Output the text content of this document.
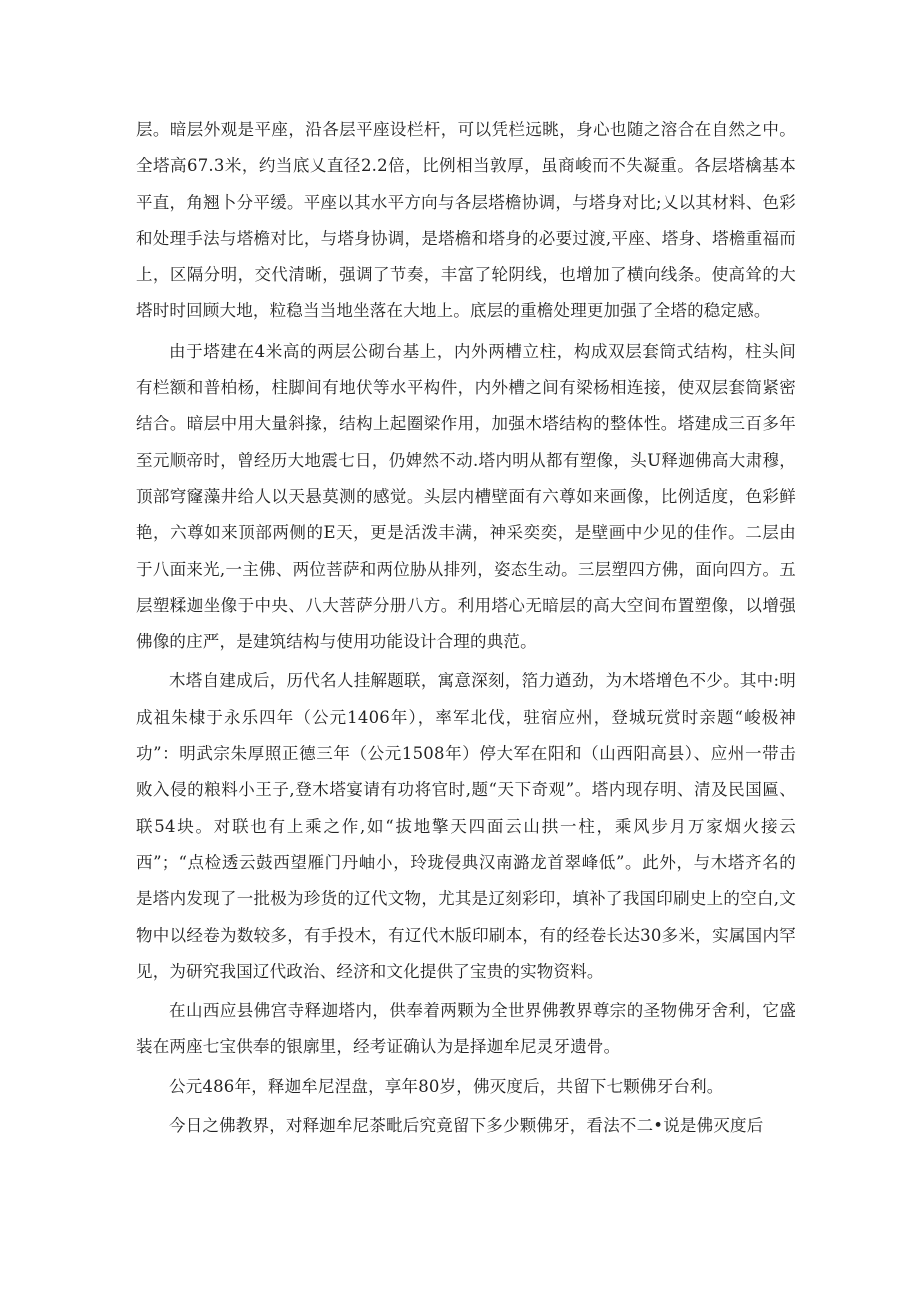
层。暗层外观是平座，沿各层平座设栏杆，可以凭栏远眺，身心也随之溶合在自然之中。全塔高67.3米，约当底乂直径2.2倍，比例相当敦厚，虽商峻而不失凝重。各层塔檎基本平直，角翘卜分平缓。平座以其水平方向与各层塔檐协调，与塔身对比;乂以其材料、色彩和处理手法与塔檐对比，与塔身协调，是塔檐和塔身的必要过渡,平座、塔身、塔檐重福而上，区隔分明，交代清晰，强调了节奏，丰富了轮阴线，也增加了横向线条。使高耸的大塔时时回顾大地，粒稳当当地坐落在大地上。底层的重檐处理更加强了全塔的稳定感。

由于塔建在4米高的两层公砌台基上，内外两槽立柱，构成双层套筒式结构，柱头间有栏额和普柏杨，柱脚间有地伏等水平构件，内外槽之间有梁杨相连接，使双层套筒紧密结合。暗层中用大量斜掾，结构上起圈梁作用，加强木塔结构的整体性。塔建成三百多年至元顺帝时，曾经历大地震七日，仍婢然不动.塔内明从都有塑像，头U释迦佛高大肃穆，顶部穹窿藻井给人以天悬莫测的感觉。头层内槽壁面有六尊如来画像，比例适度，色彩鲜艳，六尊如来顶部两侧的E天，更是活泼丰满，神采奕奕，是壁画中少见的佳作。二层由于八面来光,一主佛、两位菩萨和两位胁从排列，姿态生动。三层塑四方佛，面向四方。五层塑糅迦坐像于中央、八大菩萨分册八方。利用塔心无暗层的高大空间布置塑像，以增强佛像的庄严，是建筑结构与使用功能设计合理的典范。

木塔自建成后，历代名人挂解题联，寓意深刻，箔力遒劲，为木塔增色不少。其中:明成祖朱棣于永乐四年（公元1406年），率军北伐，驻宿应州，登城玩赏时亲题“峻极神功”：明武宗朱厚照正德三年（公元1508年）停大军在阳和（山西阳高县）、应州一带击败入侵的粮料小王子,登木塔宴请有功将官时,题“天下奇观”。塔内现存明、清及民国匾、联54块。对联也有上乘之作,如“拔地擎天四面云山拱一柱，乘风步月万家烟火接云西”；“点检透云鼓西望雁门丹岫小，玲珑侵典汉南潞龙首翠峰低”。此外，与木塔齐名的是塔内发现了一批极为珍货的辽代文物，尤其是辽刻彩印，填补了我国印刷史上的空白,文物中以经卷为数较多，有手投木，有辽代木版印刷本，有的经卷长达30多米，实属国内罕见，为研究我国辽代政治、经济和文化提供了宝贵的实物资料。

在山西应县佛宫寺释迦塔内，供奉着两颗为全世界佛教界尊宗的圣物佛牙舍利，它盛装在两座七宝供奉的银廓里，经考证确认为是择迦牟尼灵牙遗骨。

公元486年，释迦牟尼涅盘，享年80岁，佛灭度后，共留下七颗佛牙台利。

今日之佛教界，对释迦牟尼茶毗后究竟留下多少颗佛牙，看法不二•说是佛灭度后
